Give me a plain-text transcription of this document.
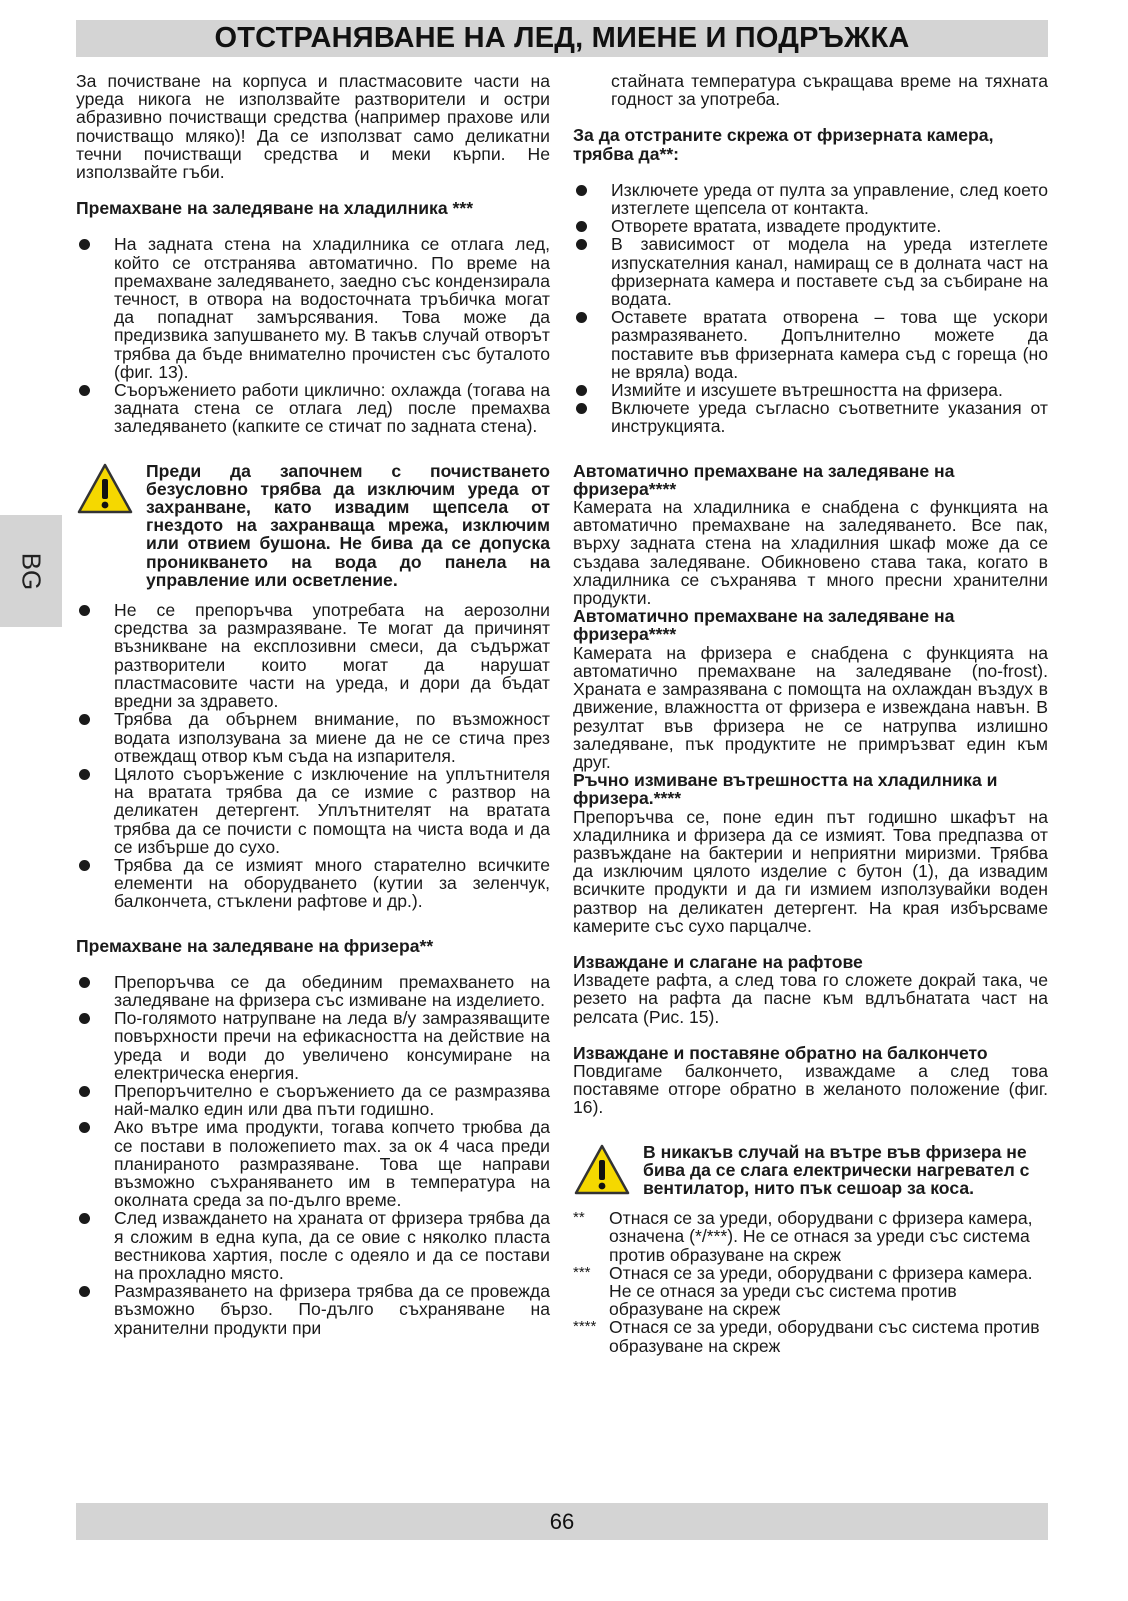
ОТСТРАНЯВАНЕ НА ЛЕД, МИЕНЕ И ПОДРЪЖКА
BG

За почистване на корпуса и пластмасовите части на уреда никога не използвайте разтворители и остри абразивно почистващи средства (например прахове или почистващо мляко)! Да се използват само деликатни течни почистващи средства и меки кърпи. Не използвайте гъби.

Премахване на заледяване на хладилника ***
На задната стена на хладилника се отлага лед, който се отстранява автоматично. По време на премахване заледяването, заедно със кондензирала течност, в отвора на водосточната тръбичка могат да попаднат замърсявания. Това може да предизвика запушването му. В такъв случай отворът трябва да бъде внимателно прочистен със буталото (фиг. 13).
Съоръжението работи циклично: охлажда (тогава на задната стена се отлага лед) после премахва заледяването (капките се стичат по задната стена).
Преди да започнем с почистването безусловно трябва да изключим уреда от захранване, като извадим щепсела от гнездото на захранваща мрежа, изключим или отвием бушона. Не бива да се допуска проникването на вода до панела на управление или осветление.
Не се препоръчва употребата на аерозолни средства за размразяване. Те могат да причинят възникване на експлозивни смеси, да съдържат разтворители които могат да нарушат пластмасовите части на уреда, и дори да бъдат вредни за здравето.
Трябва да обърнем внимание, по възможност водата използувана за миене да не се стича през отвеждащ отвор към съда на изпарителя.
Цялото съоръжение с изключение на уплътнителя на вратата трябва да се измие с разтвор на деликатен детергент. Уплътнителят на вратата трябва да се почисти с помощта на чиста вода и да се избърше до сухо.
Трябва да се измият много старателно всичките елементи на оборудването (кутии за зеленчук, балкончета, стъклени рафтове и др.).
Премахване на заледяване на фризера**
Препоръчва се да обединим премахването на заледяване на фризера със измиване на изделието.
По-голямото натрупване на леда в/у замразяващите повърхности пречи на ефикасността на действие на уреда и води до увеличено консумиране на електрическа енергия.
Препоръчително е съоръжението да се размразява най-малко един или два пъти годишно.
Ако вътре има продукти, тогава копчето трюбва да се постави в положепието max. за ок 4 часа преди планираното размразяване. Това ще направи възможно съхраняването им в температура на околната среда за по-дълго време.
След изваждането на храната от фризера трябва да я сложим в една купа, да се овие с няколко пласта вестникова хартия, после с одеяло и да се постави на прохладно място.
Размразяването на фризера трябва да се провежда възможно бързо. По-дълго съхраняване на хранителни продукти при

стайната температура съкращава време на тяхната годност за употреба.

За да отстраните скрежа от фризерната камера, трябва да**:
Изключете уреда от пулта за управление, след което изтеглете щепсела от контакта.
Отворете вратата, извадете продуктите.
В зависимост от модела на уреда изтеглете изпускателния канал, намиращ се в долната част на фризерната камера и поставете съд за събиране на водата.
Оставете вратата отворена – това ще ускори размразяването. Допълнително можете да поставите във фризерната камера съд с гореща (но не вряла) вода.
Измийте и изсушете вътрешността на фризера.
Включете уреда съгласно съответните указания от инструкцията.
Автоматично премахване на заледяване на фризера****

Камерата на хладилника е снабдена с функцията на автоматично премахване на заледяването. Все пак, върху задната стена на хладилния шкаф може да се създава заледяване. Обикновено става така, когато в хладилника се съхранява т много пресни хранителни продукти.

Автоматично премахване на заледяване на фризера****

Камерата на фризера е снабдена с функцията на автоматично премахване на заледяване (no-frost). Храната е замразявана с помощта на охлаждан въздух в движение, влажността от фризера е извеждана навън. В резултат във фризера не се натрупва излишно заледяване, пък продуктите не примръзват един към друг.

Ръчно измиване вътрешността на хладилника и фризера.****

Препоръчва се, поне един път годишно шкафът на хладилника и фризера да се измият. Това предпазва от развъждане на бактерии и неприятни миризми. Трябва да изключим цялото изделие с бутон (1), да извадим всичките продукти и да ги измием използувайки воден разтвор на деликатен детергент. На края избърсваме камерите със сухо парцалче.

Изваждане и слагане на рафтове

Извадете рафта, а след това го сложете докрай така, че резето на рафта да пасне към вдлъбнатата част на релсата (Рис. 15).

Изваждане и поставяне обратно на балкончето

Повдигаме балкончето, изваждаме а след това поставяме отгоре обратно в желаното положение (фиг. 16).

В никакъв случай на вътре във фризера не бива да се слага електрически нагревател с вентилатор, нито пък сешоар за коса.
**	Отнася се за уреди, оборудвани с фризера камера, означена (*/***). Не се отнася за уреди със система против образуване на скреж
***	Отнася се за уреди, оборудвани с фризера камера. Не се отнася за уреди със система против образуване на скреж
**** Отнася се за уреди, оборудвани със система против образуване на скреж
66
